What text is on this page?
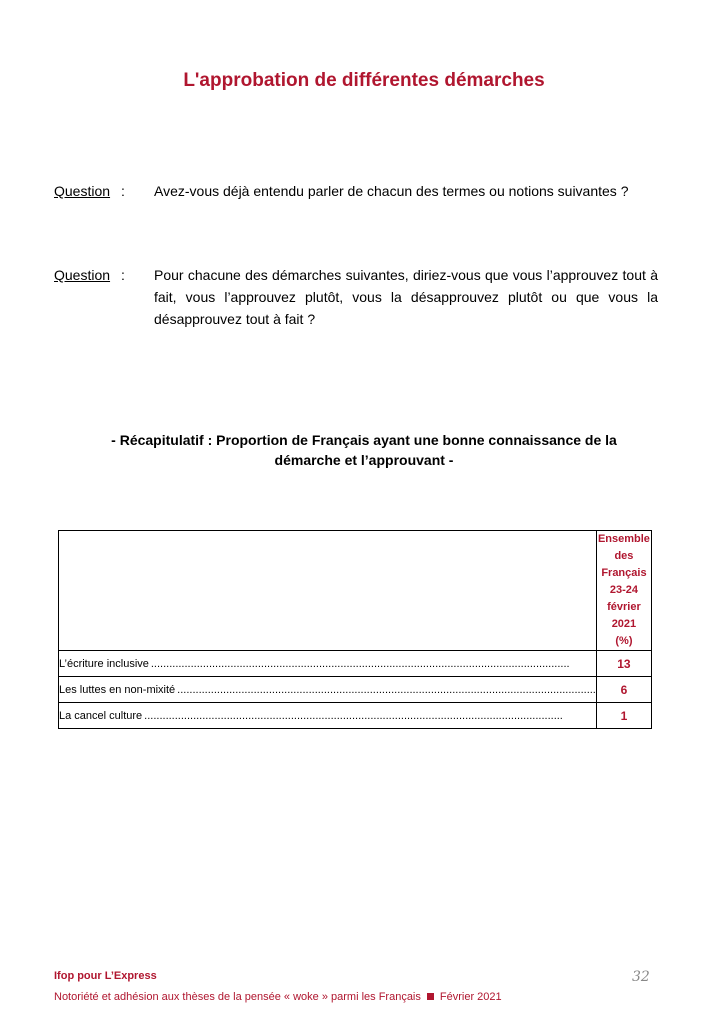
L'approbation de différentes démarches
Question : Avez-vous déjà entendu parler de chacun des termes ou notions suivantes ?
Question : Pour chacune des démarches suivantes, diriez-vous que vous l’approuvez tout à fait, vous l’approuvez plutôt, vous la désapprouvez plutôt ou que vous la désapprouvez tout à fait ?
- Récapitulatif : Proportion de Français ayant une bonne connaissance de la
démarche et l’approuvant -

	Ensemble des
Français
23-24 février
2021
(%)

L’écriture inclusive .........................................................................................................................................	13
Les luttes en non-mixité .........................................................................................................................................	6
La cancel culture .........................................................................................................................................	1
Ifop pour L’Express
Notoriété et adhésion aux thèses de la pensée « woke » parmi les Français Février 2021
32
